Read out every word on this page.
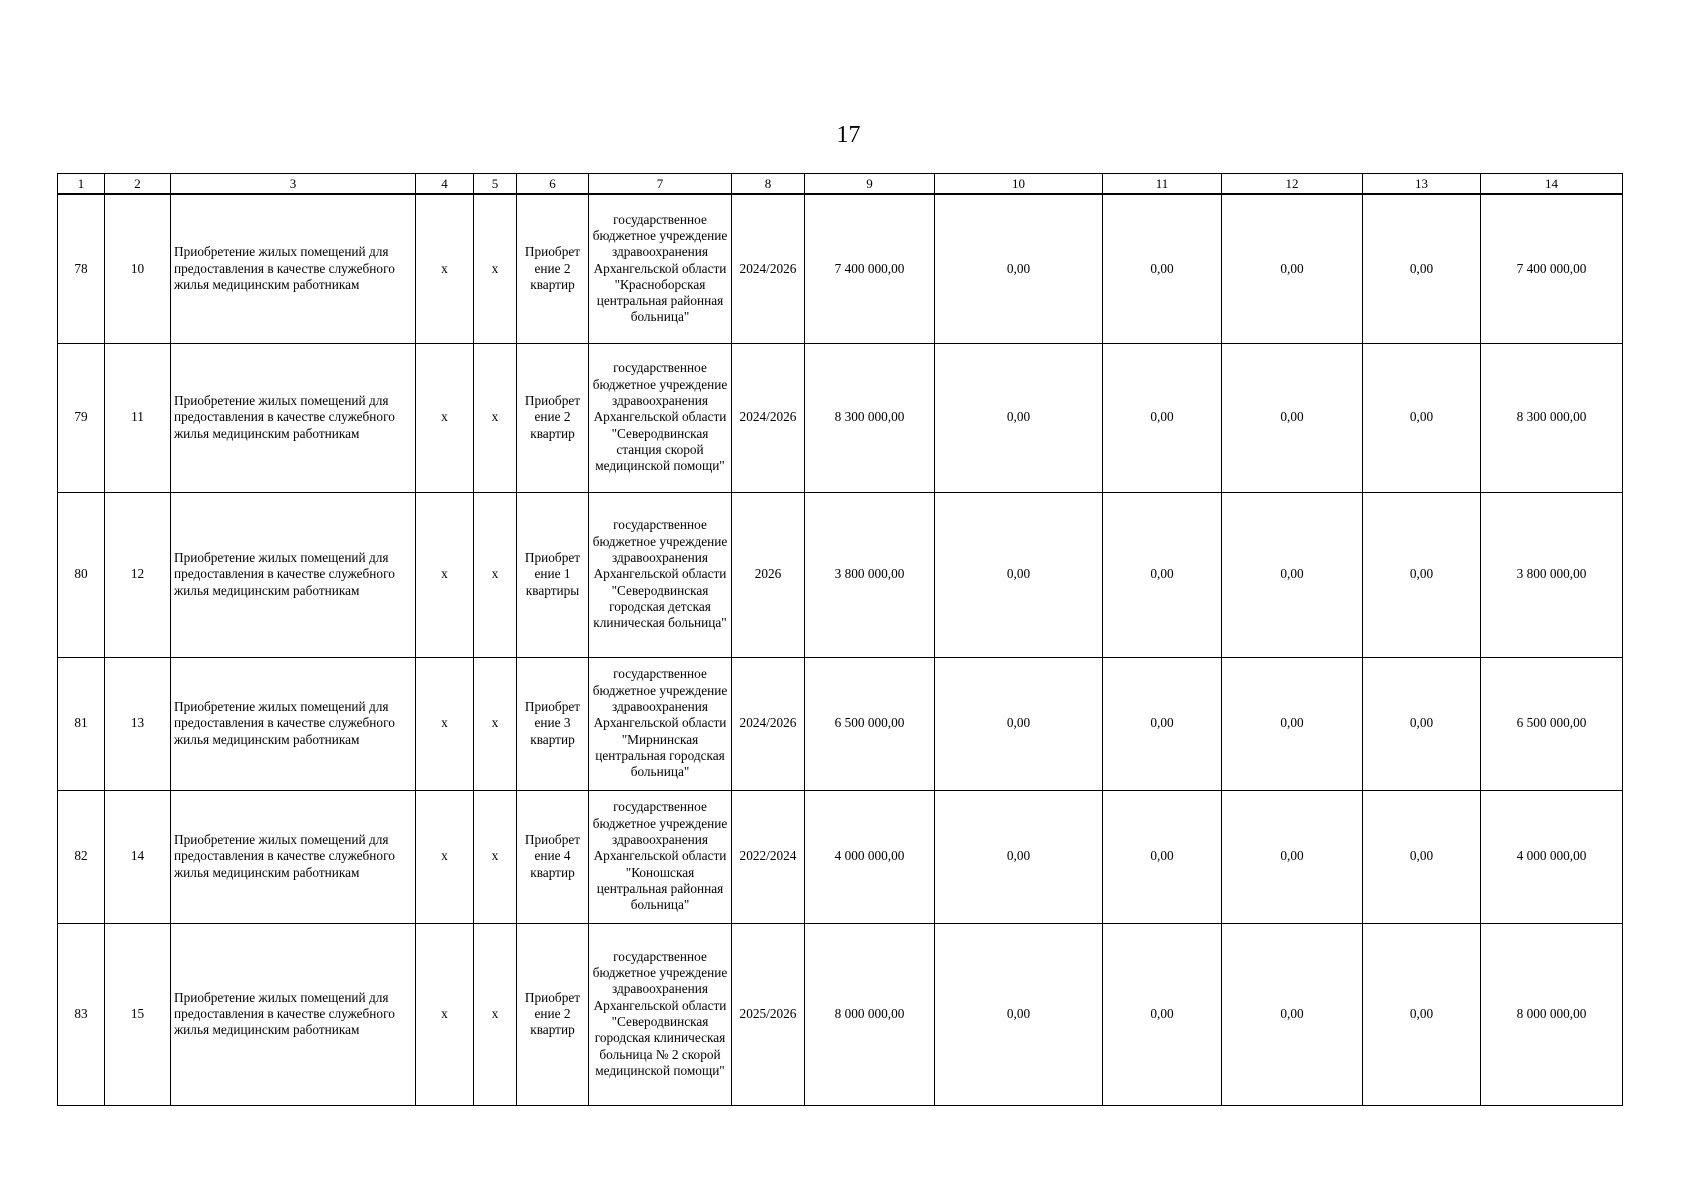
17
1	2	3	4	5	6	7	8	9	10	11	12	13	14
78	10	Приобретение жилых помещений для предоставления в качестве служебного жилья медицинским работникам	x	x	Приобрет ение 2 квартир	государственное бюджетное учреждение здравоохранения Архангельской области "Красноборская центральная районная больница"	2024/2026	7 400 000,00	0,00	0,00	0,00	0,00	7 400 000,00
79	11	Приобретение жилых помещений для предоставления в качестве служебного жилья медицинским работникам	x	x	Приобрет ение 2 квартир	государственное бюджетное учреждение здравоохранения Архангельской области "Северодвинская станция скорой медицинской помощи"	2024/2026	8 300 000,00	0,00	0,00	0,00	0,00	8 300 000,00
80	12	Приобретение жилых помещений для предоставления в качестве служебного жилья медицинским работникам	x	x	Приобрет ение 1 квартиры	государственное бюджетное учреждение здравоохранения Архангельской области "Северодвинская городская детская клиническая больница"	2026	3 800 000,00	0,00	0,00	0,00	0,00	3 800 000,00
81	13	Приобретение жилых помещений для предоставления в качестве служебного жилья медицинским работникам	x	x	Приобрет ение 3 квартир	государственное бюджетное учреждение здравоохранения Архангельской области "Мирнинская центральная городская больница"	2024/2026	6 500 000,00	0,00	0,00	0,00	0,00	6 500 000,00
82	14	Приобретение жилых помещений для предоставления в качестве служебного жилья медицинским работникам	x	x	Приобрет ение 4 квартир	государственное бюджетное учреждение здравоохранения Архангельской области "Коношская центральная районная больница"	2022/2024	4 000 000,00	0,00	0,00	0,00	0,00	4 000 000,00
83	15	Приобретение жилых помещений для предоставления в качестве служебного жилья медицинским работникам	x	x	Приобрет ение 2 квартир	государственное бюджетное учреждение здравоохранения Архангельской области "Северодвинская городская клиническая больница № 2 скорой медицинской помощи"	2025/2026	8 000 000,00	0,00	0,00	0,00	0,00	8 000 000,00
